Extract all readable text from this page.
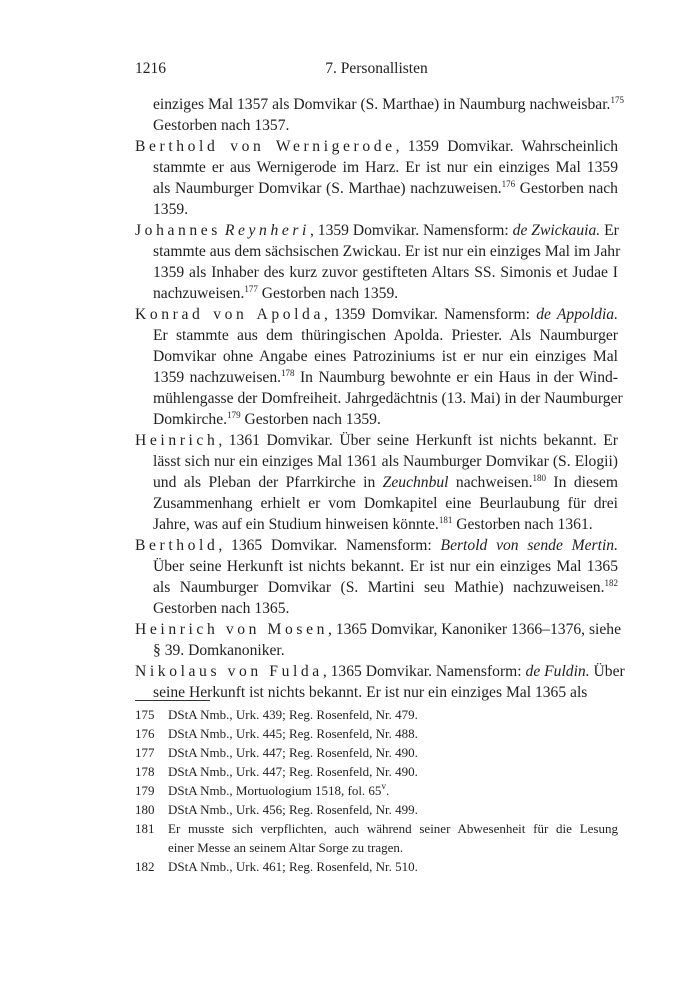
1216	7. Personallisten
einziges Mal 1357 als Domvikar (S. Marthae) in Naumburg nachweisbar.$^{175}$
Gestorben nach 1357.
Berthold von Wernigerode, 1359 Domvikar. Wahrscheinlich
stammte er aus Wernigerode im Harz. Er ist nur ein einziges Mal 1359
als Naumburger Domvikar (S. Marthae) nachzuweisen.$^{176}$ Gestorben nach
1359.
Johannes Reynheri, 1359 Domvikar. Namensform: de Zwickauia. Er
stammte aus dem sächsischen Zwickau. Er ist nur ein einziges Mal im Jahr
1359 als Inhaber des kurz zuvor gestifteten Altars SS. Simonis et Judae I
nachzuweisen.$^{177}$ Gestorben nach 1359.
Konrad von Apolda, 1359 Domvikar. Namensform: de Appoldia.
Er stammte aus dem thüringischen Apolda. Priester. Als Naumburger
Domvikar ohne Angabe eines Patroziniums ist er nur ein einziges Mal
1359 nachzuweisen.$^{178}$ In Naumburg bewohnte er ein Haus in der Wind-
mühlengasse der Domfreiheit. Jahrgedächtnis (13. Mai) in der Naumburger
Domkirche.$^{179}$ Gestorben nach 1359.
Heinrich, 1361 Domvikar. Über seine Herkunft ist nichts bekannt. Er
lässt sich nur ein einziges Mal 1361 als Naumburger Domvikar (S. Elogii)
und als Pleban der Pfarrkirche in Zeuchnbul nachweisen.$^{180}$ In diesem
Zusammenhang erhielt er vom Domkapitel eine Beurlaubung für drei
Jahre, was auf ein Studium hinweisen könnte.$^{181}$ Gestorben nach 1361.
Berthold, 1365 Domvikar. Namensform: Bertold von sende Mertin.
Über seine Herkunft ist nichts bekannt. Er ist nur ein einziges Mal 1365
als Naumburger Domvikar (S. Martini seu Mathie) nachzuweisen.$^{182}$
Gestorben nach 1365.
Heinrich von Mosen, 1365 Domvikar, Kanoniker 1366–1376, siehe
§ 39. Domkanoniker.
Nikolaus von Fulda, 1365 Domvikar. Namensform: de Fuldin. Über
seine Herkunft ist nichts bekannt. Er ist nur ein einziges Mal 1365 als
175 DStA Nmb., Urk. 439; Reg. Rosenfeld, Nr. 479.
176 DStA Nmb., Urk. 445; Reg. Rosenfeld, Nr. 488.
177 DStA Nmb., Urk. 447; Reg. Rosenfeld, Nr. 490.
178 DStA Nmb., Urk. 447; Reg. Rosenfeld, Nr. 490.
179 DStA Nmb., Mortuologium 1518, fol. 65$^v$.
180 DStA Nmb., Urk. 456; Reg. Rosenfeld, Nr. 499.
181 Er musste sich verpflichten, auch während seiner Abwesenheit für die Lesung
einer Messe an seinem Altar Sorge zu tragen.
182 DStA Nmb., Urk. 461; Reg. Rosenfeld, Nr. 510.
